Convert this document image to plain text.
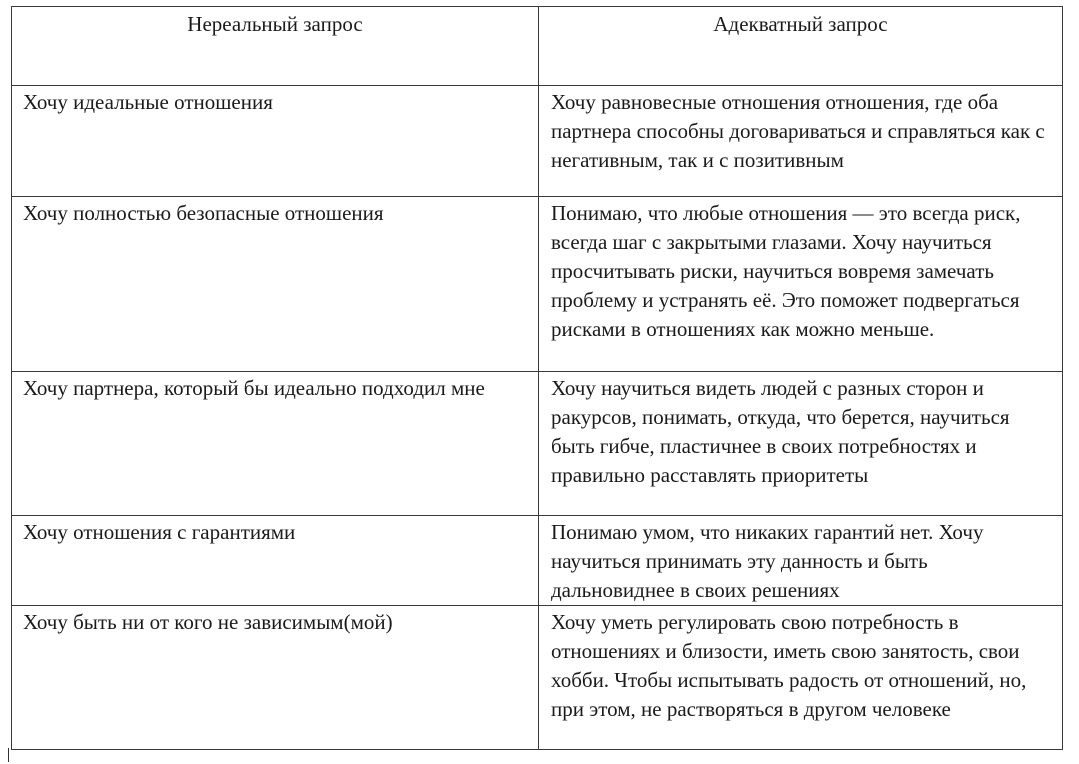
Нереальный запрос	Адекватный запрос
Хочу идеальные отношения	Хочу равновесные отношения отношения, где оба партнера способны договариваться и справляться как с негативным, так и с позитивным
Хочу полностью безопасные отношения	Понимаю, что любые отношения — это всегда риск, всегда шаг с закрытыми глазами. Хочу научиться просчитывать риски, научиться вовремя замечать проблему и устранять её. Это поможет подвергаться рисками в отношениях как можно меньше.
Хочу партнера, который бы идеально подходил мне	Хочу научиться видеть людей с разных сторон и ракурсов, понимать, откуда, что берется, научиться быть гибче, пластичнее в своих потребностях и правильно расставлять приоритеты
Хочу отношения с гарантиями	Понимаю умом, что никаких гарантий нет. Хочу научиться принимать эту данность и быть дальновиднее в своих решениях
Хочу быть ни от кого не зависимым(мой)	Хочу уметь регулировать свою потребность в отношениях и близости, иметь свою занятость, свои хобби. Чтобы испытывать радость от отношений, но, при этом, не растворяться в другом человеке
